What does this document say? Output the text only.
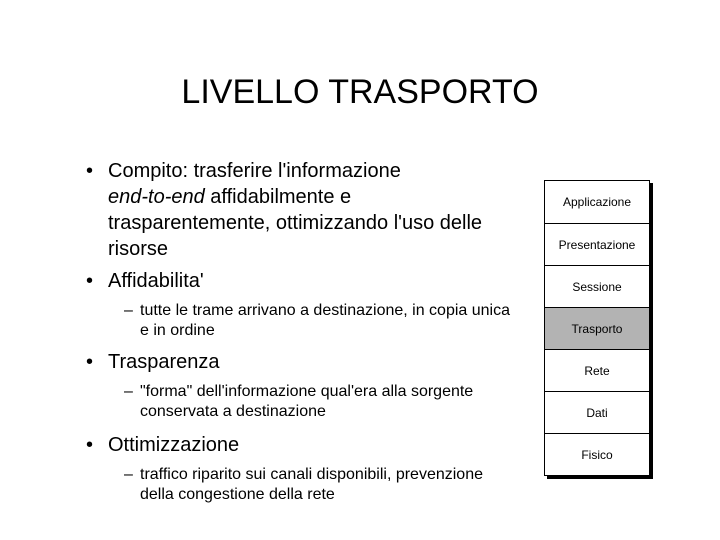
LIVELLO TRASPORTO
• Compito: trasferire l'informazione
end-to-end affidabilmente e trasparentemente, ottimizzando l'uso delle risorse
• Affidabilita'
– tutte le trame arrivano a destinazione, in copia unica e in ordine
• Trasparenza
– "forma" dell'informazione qual'era alla sorgente conservata a destinazione
• Ottimizzazione
– traffico riparito sui canali disponibili, prevenzione della congestione della rete
Applicazione
Presentazione
Sessione
Trasporto
Rete
Dati
Fisico
